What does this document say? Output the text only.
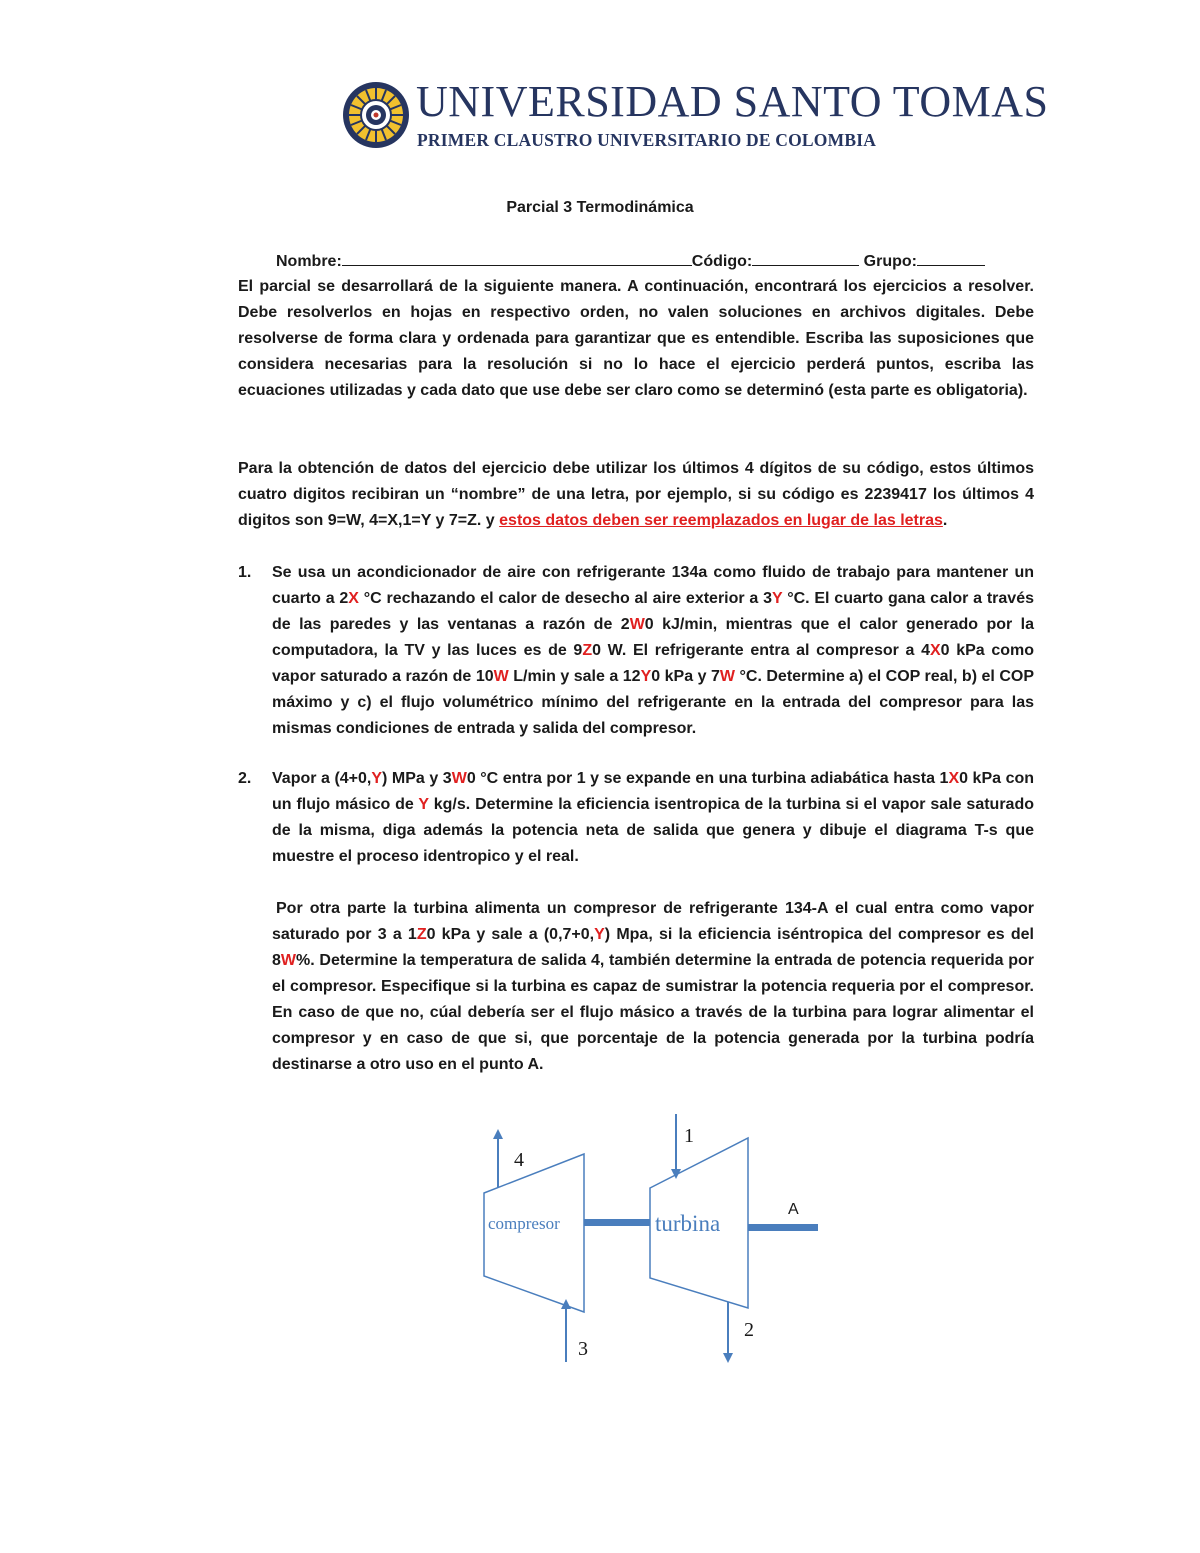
UNIVERSIDAD SANTO TOMAS
PRIMER CLAUSTRO UNIVERSITARIO DE COLOMBIA
Parcial 3 Termodinámica
Nombre:	Código:	Grupo:
El parcial se desarrollará de la siguiente manera. A continuación, encontrará los ejercicios a resolver. Debe resolverlos en hojas en respectivo orden, no valen soluciones en archivos digitales. Debe resolverse de forma clara y ordenada para garantizar que es entendible. Escriba las suposiciones que considera necesarias para la resolución si no lo hace el ejercicio perderá puntos, escriba las ecuaciones utilizadas y cada dato que use debe ser claro como se determinó (esta parte es obligatoria).
Para la obtención de datos del ejercicio debe utilizar los últimos 4 dígitos de su código, estos últimos cuatro digitos recibiran un “nombre” de una letra, por ejemplo, si su código es 2239417 los últimos 4 digitos son 9=W, 4=X,1=Y y 7=Z. y estos datos deben ser reemplazados en lugar de las letras.
1. Se usa un acondicionador de aire con refrigerante 134a como fluido de trabajo para mantener un cuarto a 2X °C rechazando el calor de desecho al aire exterior a 3Y °C. El cuarto gana calor a través de las paredes y las ventanas a razón de 2W0 kJ/min, mientras que el calor generado por la computadora, la TV y las luces es de 9Z0 W. El refrigerante entra al compresor a 4X0 kPa como vapor saturado a razón de 10W L/min y sale a 12Y0 kPa y 7W °C. Determine a) el COP real, b) el COP máximo y c) el flujo volumétrico mínimo del refrigerante en la entrada del compresor para las mismas condiciones de entrada y salida del compresor.
2. Vapor a (4+0,Y) MPa y 3W0 °C entra por 1 y se expande en una turbina adiabática hasta 1X0 kPa con un flujo másico de Y kg/s. Determine la eficiencia isentropica de la turbina si el vapor sale saturado de la misma, diga además la potencia neta de salida que genera y dibuje el diagrama T-s que muestre el proceso identropico y el real.
Por otra parte la turbina alimenta un compresor de refrigerante 134-A el cual entra como vapor saturado por 3 a 1Z0 kPa y sale a (0,7+0,Y) Mpa, si la eficiencia iséntropica del compresor es del 8W%. Determine la temperatura de salida 4, también determine la entrada de potencia requerida por el compresor. Especifique si la turbina es capaz de sumistrar la potencia requeria por el compresor. En caso de que no, cúal debería ser el flujo másico a través de la turbina para lograr alimentar el compresor y en caso de que si, que porcentaje de la potencia generada por la turbina podría destinarse a otro uso en el punto A.
compresor	turbina
1
2
3
4
A
